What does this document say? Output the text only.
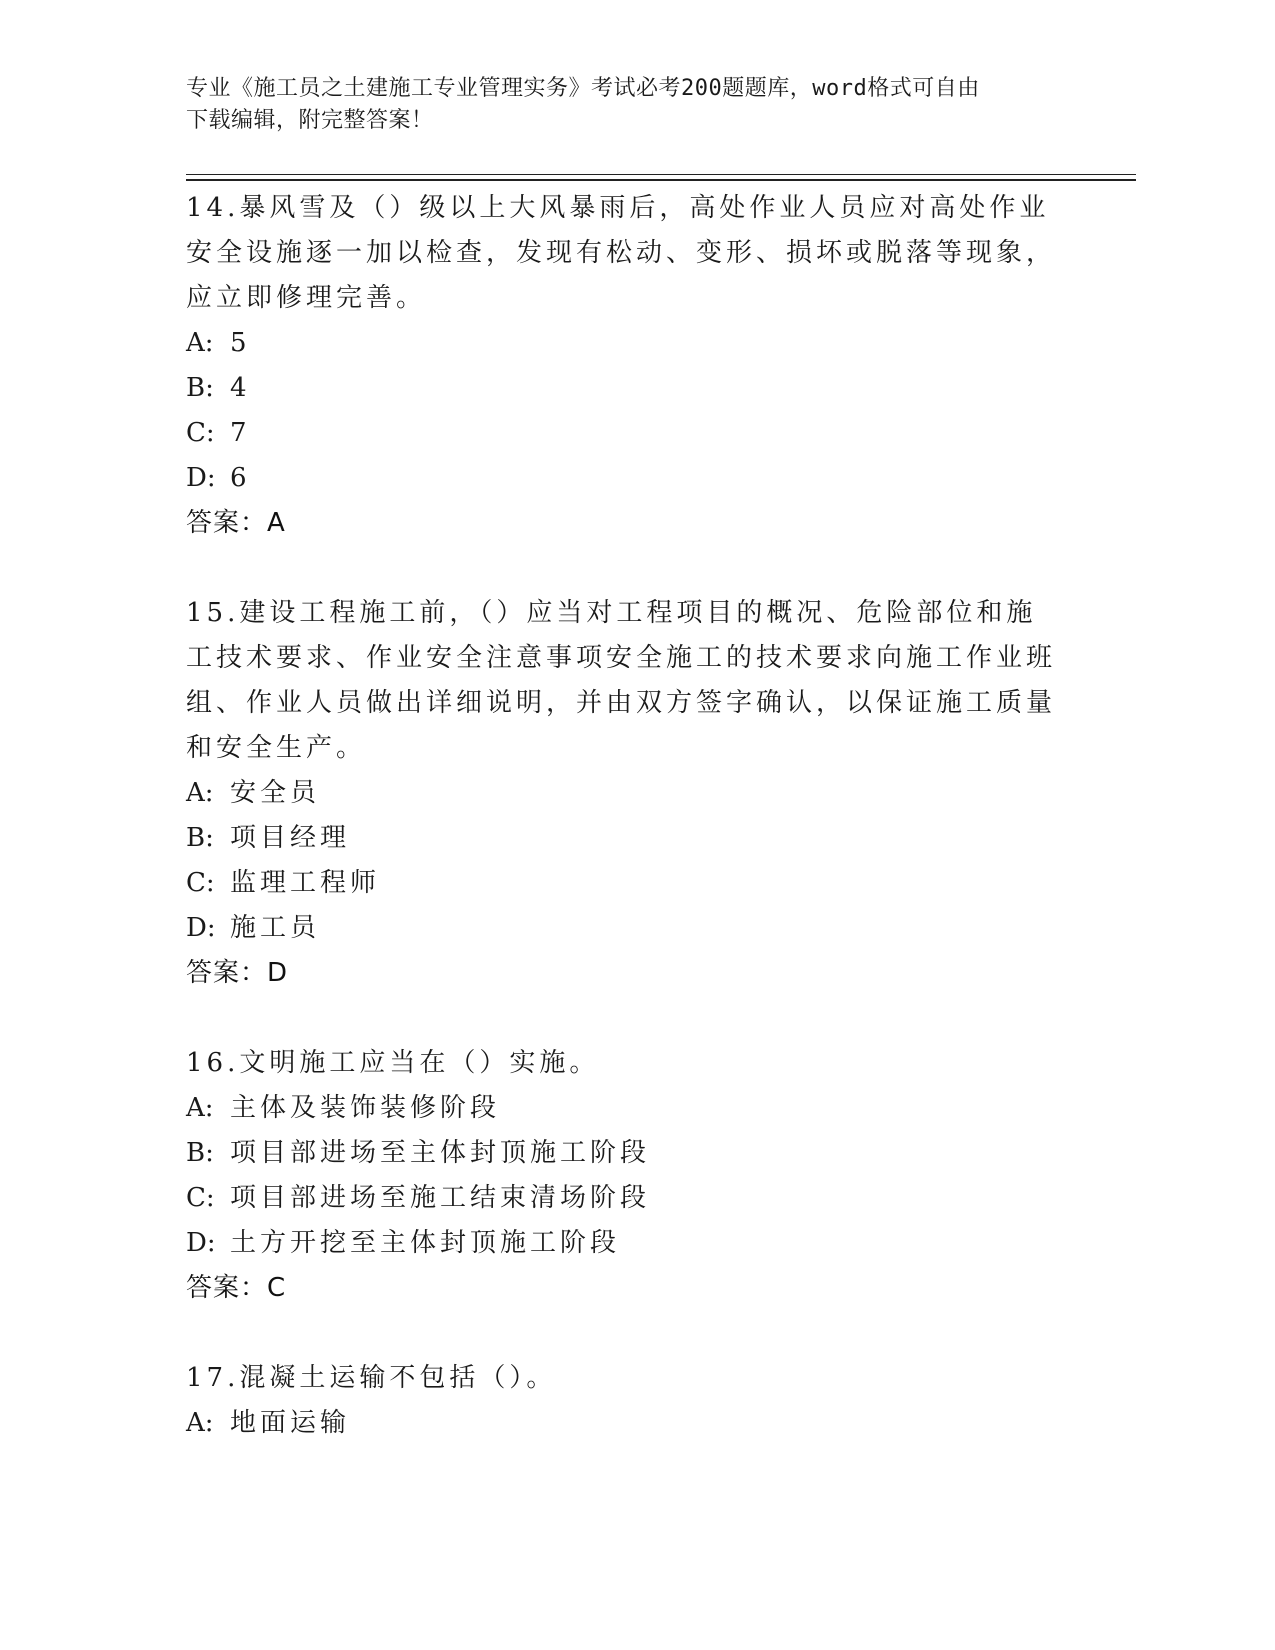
专业《施工员之土建施工专业管理实务》考试必考200题题库，word格式可自由
下载编辑，附完整答案！
14.暴风雪及（）级以上大风暴雨后，高处作业人员应对高处作业安全设施逐一加以检查，发现有松动、变形、损坏或脱落等现象，应立即修理完善。
A: 5
B: 4
C: 7
D: 6
答案：A
15.建设工程施工前，（）应当对工程项目的概况、危险部位和施工技术要求、作业安全注意事项安全施工的技术要求向施工作业班组、作业人员做出详细说明，并由双方签字确认，以保证施工质量和安全生产。
A: 安全员
B: 项目经理
C: 监理工程师
D: 施工员
答案：D
16.文明施工应当在（）实施。
A: 主体及装饰装修阶段
B: 项目部进场至主体封顶施工阶段
C: 项目部进场至施工结束清场阶段
D: 土方开挖至主体封顶施工阶段
答案：C
17.混凝土运输不包括（）。
A: 地面运输
